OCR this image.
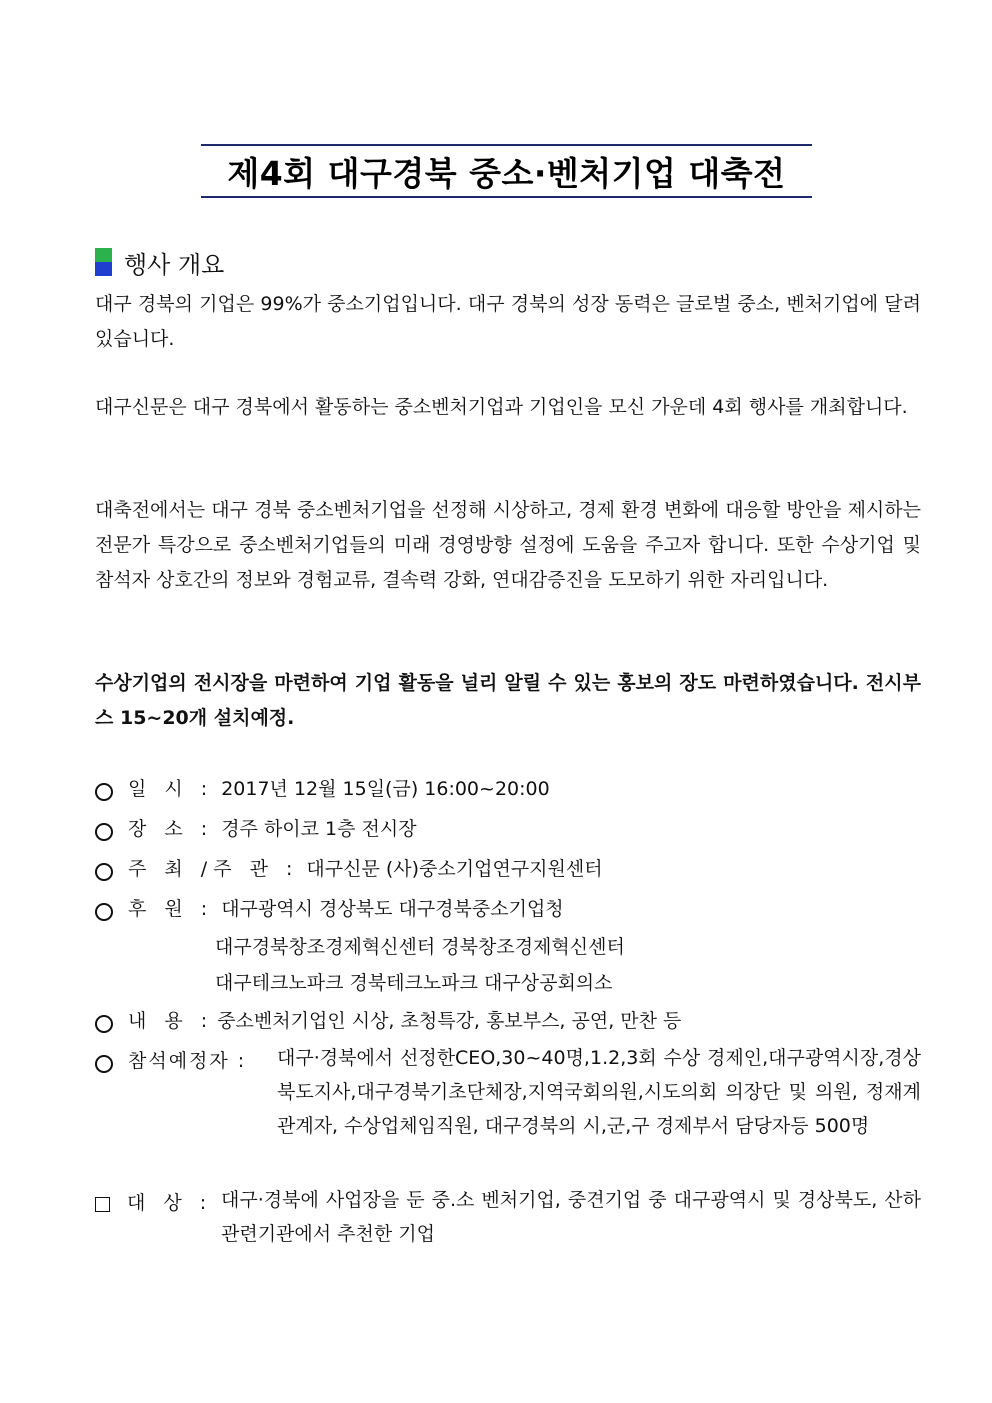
제4회 대구경북 중소·벤처기업 대축전
행사 개요

대구 경북의 기업은 99%가 중소기업입니다. 대구 경북의 성장 동력은 글로벌 중소, 벤처기업에 달려있습니다.

대구신문은 대구 경북에서 활동하는 중소벤처기업과 기업인을 모신 가운데 4회 행사를 개최합니다.

대축전에서는 대구 경북 중소벤처기업을 선정해 시상하고, 경제 환경 변화에 대응할 방안을 제시하는 전문가 특강으로 중소벤처기업들의 미래 경영방향 설정에 도움을 주고자 합니다. 또한 수상기업 및 참석자 상호간의 정보와 경험교류, 결속력 강화, 연대감증진을 도모하기 위한 자리입니다.

수상기업의 전시장을 마련하여 기업 활동을 널리 알릴 수 있는 홍보의 장도 마련하였습니다. 전시부스 15~20개 설치예정.

일 시 : 2017년 12월 15일(금) 16:00~20:00
장 소 : 경주 하이코 1층 전시장
주 최 /주 관 : 대구신문 (사)중소기업연구지원센터
후 원 : 대구광역시 경상북도 대구경북중소기업청
대구경북창조경제혁신센터 경북창조경제혁신센터
대구테크노파크 경북테크노파크 대구상공회의소
내 용 : 중소벤처기업인 시상, 초청특강, 홍보부스, 공연, 만찬 등
참석예정자 : 대구·경북에서 선정한CEO,30~40명,1.2,3회 수상 경제인,대구광역시장,경상북도지사,대구경북기초단체장,지역국회의원,시도의회 의장단 및 의원, 정재계관계자, 수상업체임직원, 대구경북의 시,군,구 경제부서 담당자등 500명
대 상 : 대구·경북에 사업장을 둔 중.소 벤처기업, 중견기업 중 대구광역시 및 경상북도, 산하 관련기관에서 추천한 기업
